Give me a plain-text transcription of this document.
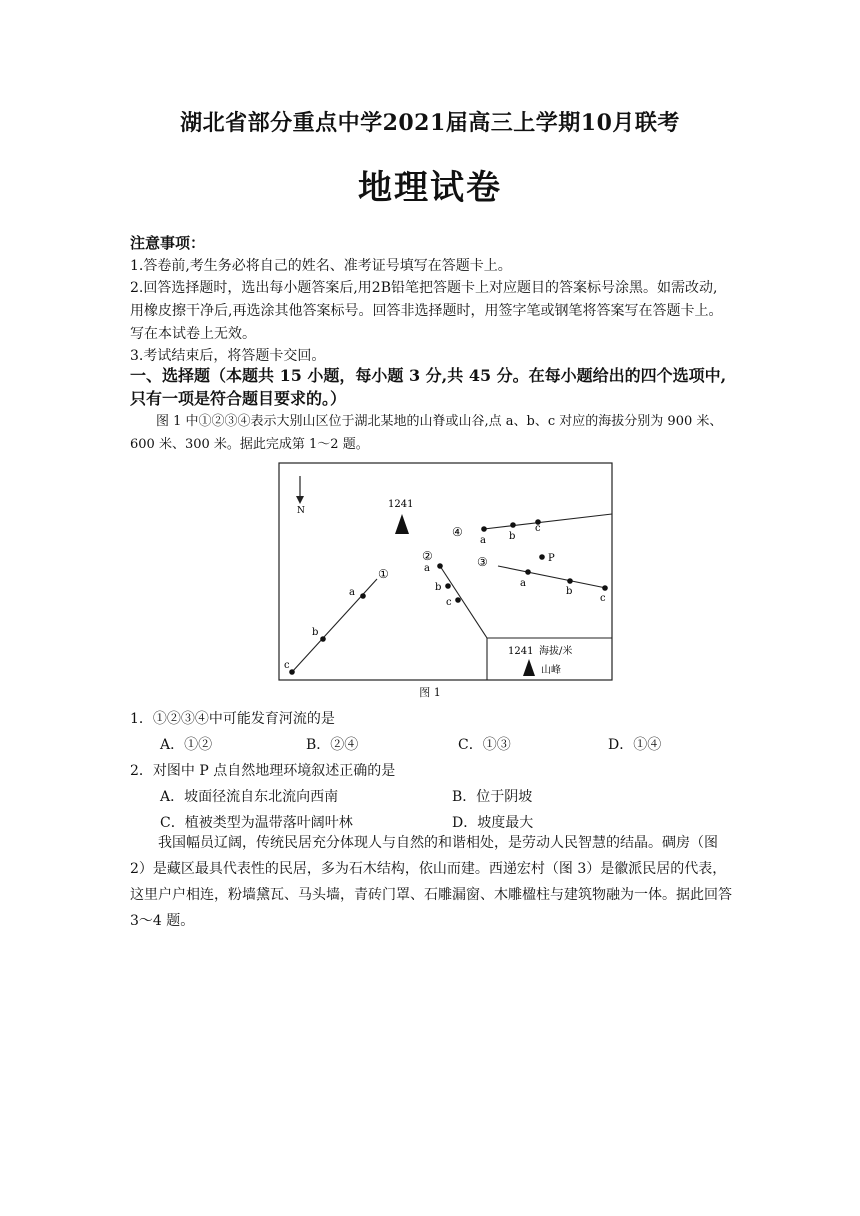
湖北省部分重点中学2021届高三上学期10月联考
地理试卷
注意事项：
1.答卷前,考生务必将自己的姓名、准考证号填写在答题卡上。
2.回答选择题时，选出每小题答案后,用2B铅笔把答题卡上对应题目的答案标号涂黑。如需改动,用橡皮擦干净后,再选涂其他答案标号。回答非选择题时，用签字笔或钢笔将答案写在答题卡上。写在本试卷上无效。
3.考试结束后，将答题卡交回。
一、选择题（本题共 15 小题，每小题 3 分,共 45 分。在每小题给出的四个选项中,只有一项是符合题目要求的。）
图 1 中①②③④表示大别山区位于湖北某地的山脊或山谷,点 a、b、c 对应的海拔分别为 900 米、600 米、300 米。据此完成第 1～2 题。
N
1241
c
b
a
①	a
b
c
②
a
b
c
③	P
a b
c
④
1241 海拔/米
山峰
图 1
1．①②③④中可能发育河流的是
A．①②	B．②④	C．①③	D．①④
2．对图中 P 点自然地理环境叙述正确的是
A．坡面径流自东北流向西南	B．位于阴坡
C．植被类型为温带落叶阔叶林	D．坡度最大
我国幅员辽阔，传统民居充分体现人与自然的和谐相处，是劳动人民智慧的结晶。碉房（图 2）是藏区最具代表性的民居，多为石木结构，依山而建。西递宏村（图 3）是徽派民居的代表，这里户户相连，粉墙黛瓦、马头墙，青砖门罩、石雕漏窗、木雕楹柱与建筑物融为一体。据此回答 3～4 题。
